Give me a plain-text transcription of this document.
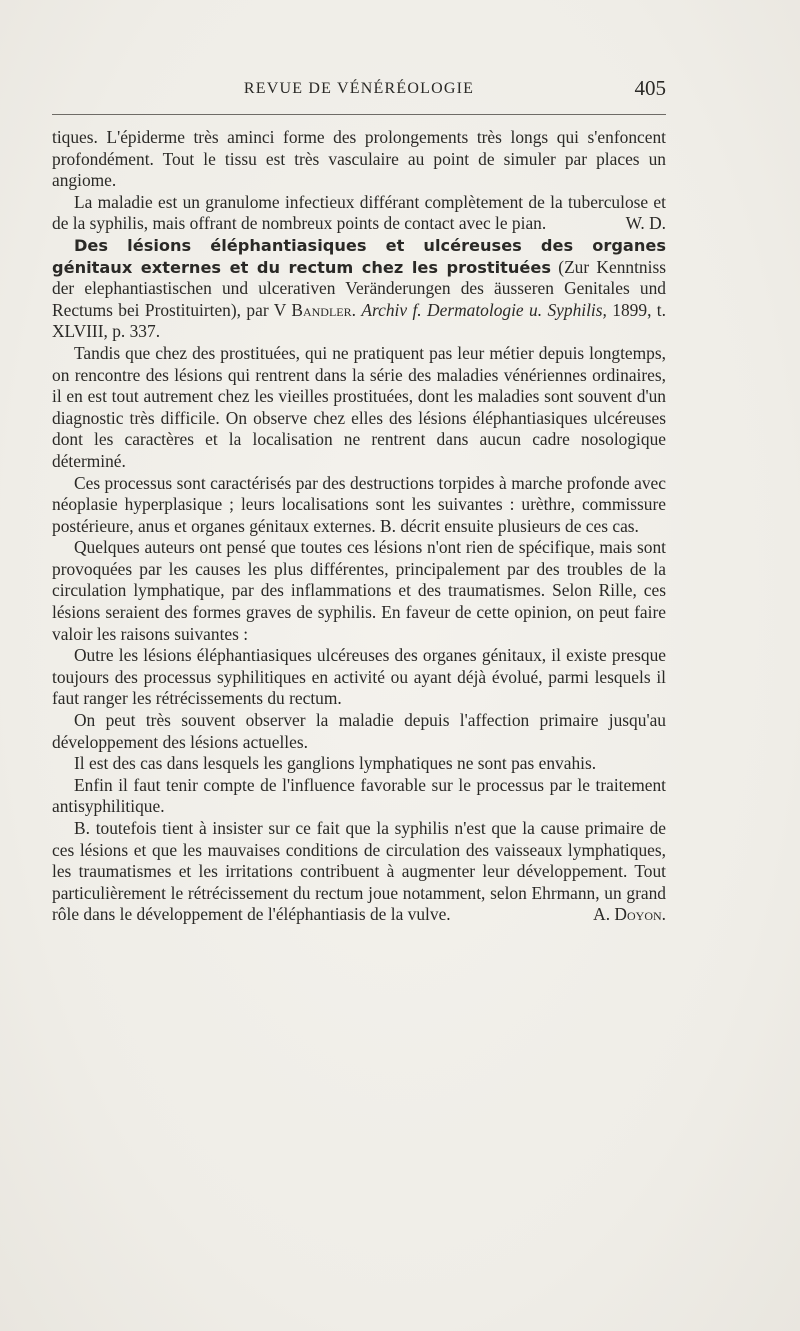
REVUE DE VÉNÉRÉOLOGIE	405

tiques. L'épiderme très aminci forme des prolongements très longs qui s'enfoncent profondément. Tout le tissu est très vasculaire au point de simuler par places un angiome.

La maladie est un granulome infectieux différant complètement de la tuberculose et de la syphilis, mais offrant de nombreux points de contact avec le pian.	W. D.

Des lésions éléphantiasiques et ulcéreuses des organes génitaux externes et du rectum chez les prostituées (Zur Kenntniss der elephantiastischen und ulcerativen Veränderungen des äusseren Genitales und Rectums bei Prostituirten), par V Bandler. Archiv f. Dermatologie u. Syphilis, 1899, t. XLVIII, p. 337.

Tandis que chez des prostituées, qui ne pratiquent pas leur métier depuis longtemps, on rencontre des lésions qui rentrent dans la série des maladies vénériennes ordinaires, il en est tout autrement chez les vieilles prostituées, dont les maladies sont souvent d'un diagnostic très difficile. On observe chez elles des lésions éléphantiasiques ulcéreuses dont les caractères et la localisation ne rentrent dans aucun cadre nosologique déterminé.

Ces processus sont caractérisés par des destructions torpides à marche profonde avec néoplasie hyperplasique ; leurs localisations sont les suivantes : urèthre, commissure postérieure, anus et organes génitaux externes. B. décrit ensuite plusieurs de ces cas.

Quelques auteurs ont pensé que toutes ces lésions n'ont rien de spécifique, mais sont provoquées par les causes les plus différentes, principalement par des troubles de la circulation lymphatique, par des inflammations et des traumatismes. Selon Rille, ces lésions seraient des formes graves de syphilis. En faveur de cette opinion, on peut faire valoir les raisons suivantes :

Outre les lésions éléphantiasiques ulcéreuses des organes génitaux, il existe presque toujours des processus syphilitiques en activité ou ayant déjà évolué, parmi lesquels il faut ranger les rétrécissements du rectum.

On peut très souvent observer la maladie depuis l'affection primaire jusqu'au développement des lésions actuelles.

Il est des cas dans lesquels les ganglions lymphatiques ne sont pas envahis.

Enfin il faut tenir compte de l'influence favorable sur le processus par le traitement antisyphilitique.

B. toutefois tient à insister sur ce fait que la syphilis n'est que la cause primaire de ces lésions et que les mauvaises conditions de circulation des vaisseaux lymphatiques, les traumatismes et les irritations contribuent à augmenter leur développement. Tout particulièrement le rétrécissement du rectum joue notamment, selon Ehrmann, un grand rôle dans le développement de l'éléphantiasis de la vulve.	A. Doyon.
